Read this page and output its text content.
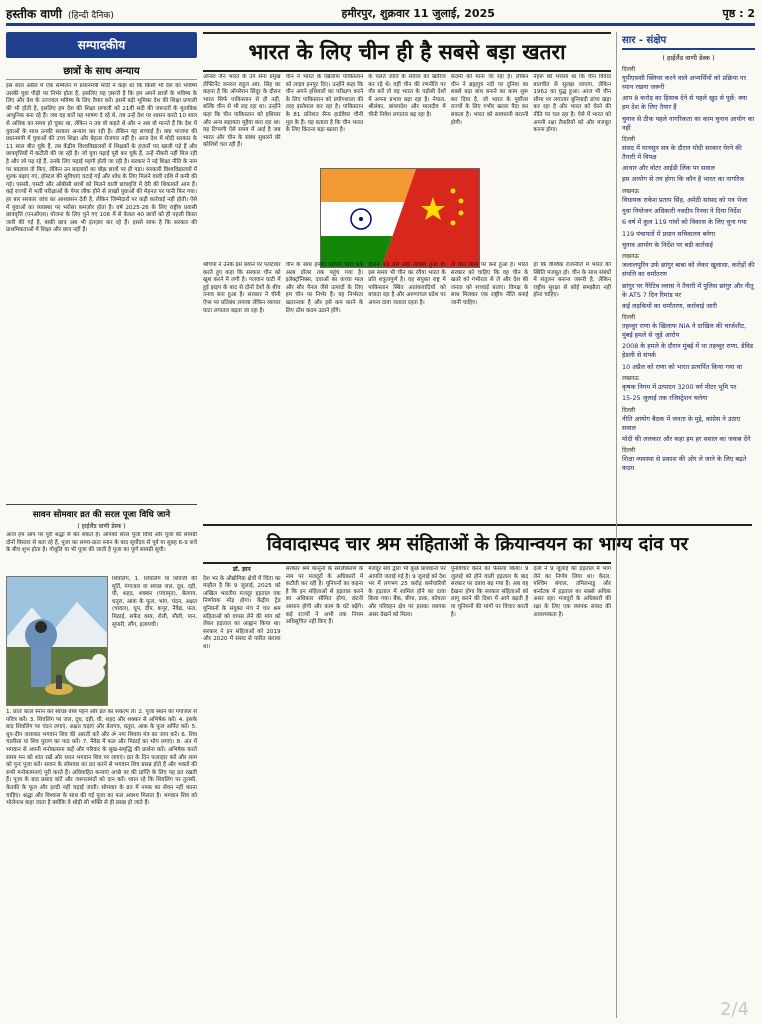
हस्तीक वाणी (हिन्दी दैनिक)	हमीरपुर, शुक्रवार 11 जुलाई, 2025	पृष्ठ : 2
सम्पादकीय
छात्रों के साथ अन्याय
इस साल अप्रैल में एक सम्मेलन में प्रधानमंत्री मोदी ने कहा था कि किसी भी देश का भविष्य उसकी युवा पीढ़ी पर निर्भर होता है, इसलिए यह ज़रूरी है कि हम अपने छात्रों के भविष्य के लिए और देश के उज्ज्वल भविष्य के लिए तैयार करें। इसमें बड़ी भूमिका देश की शिक्षा प्रणाली की भी होती है, इसलिए हम देश की शिक्षा प्रणाली को 21वीं सदी की जरूरतों के मुताबिक आधुनिक बना रहे हैं। जब वह बातें यह भाषण दे रहे थे, तब उन्हें देश पर शासन करते 10 साल से अधिक का समय हो चुका था, लेकिन न तब वो कहते थे और न अब वो मानते हैं कि देश में युवाओं के साथ उनकी सरकार अन्याय कर रही है। लेकिन यह सच्चाई है। क्या भाजपा की प्रधानमंत्री में युवाओं की उच्च शिक्षा और बेहतर रोजगार नहीं है। आज देश में मोदी सरकार के 11 साल बीत चुके हैं, तब केंद्रीय विश्वविद्यालयों में शिक्षकों के हज़ारों पद खाली पड़े हैं और छात्रवृत्तियों में कटौती की जा रही है। जो युवा पढ़ाई पूरी कर चुके हैं, उन्हें नौकरी नहीं मिल रही है और जो पढ़ रहे हैं, उनके लिए पढ़ाई महंगी होती जा रही है। सरकार ने नई शिक्षा नीति के नाम पर बदलाव तो किए, लेकिन उन बदलावों का बोझ छात्रों पर ही पड़ा। सरकारी विश्वविद्यालयों में शुल्क बढ़ाए गए, हॉस्टल की सुविधाएं घटाई गईं और शोध के लिए मिलने वाली राशि में कमी की गई। एससी, एसटी और ओबीसी छात्रों को मिलने वाली छात्रवृत्ति में देरी की शिकायतें आम हैं। कई राज्यों में भर्ती परीक्षाओं के पेपर लीक होने से लाखों युवाओं की मेहनत पर पानी फिर गया। हर बार सरकार जांच का आश्वासन देती है, लेकिन जिम्मेदारों पर कड़ी कार्रवाई नहीं होती। ऐसे में युवाओं का व्यवस्था पर भरोसा कमज़ोर होता है। वर्ष 2025-26 के लिए राष्ट्रीय प्रवासी छात्रवृत्ति (एनओएस) योजना के लिए चुने गए 106 में से केवल 40 छात्रों को ही पहली किस्त जारी की गई है, बाकी छात्र अब भी इंतज़ार कर रहे हैं। इससे साफ है कि सरकार की प्राथमिकताओं में शिक्षा और छात्र नहीं हैं।
सावन सोमवार व्रत की सरल पूजा विधि जाने
( हाईलैंड वाणी डेस्क )
आज हम आप पर पूरी श्रद्धा से कर सकते हैं। आपको सरल पूजा विधि और पूजा की सामग्री दोनों विस्तार से बता रहे हैं, पूजा का समय-प्रातः स्नान के बाद सूर्योदय से पूर्व या सुबह 6-9 बजे के बीच शुभ होता है। गोधूलि या भी पूजा की जाती है पूजा का पूर्ण सामग्री सूची।
शिवलिंग, 1. शिवलिंग या शिवजी की मूर्ति, गंगाजल या स्वच्छ जल, दूध, दही, घी, शहद, शक्कर (पंचामृत), बेलपत्र, धतूरा, आक के फूल, भांग, चंदन, अक्षत (चावल), धूप, दीप, कपूर, नैवेद्य, फल, मिठाई, सफेद वस्त्र, रोली, मौली, पान, सुपारी, लौंग, इलायची।
1. प्रातः काल स्नान कर स्वच्छ वस्त्र पहनें और व्रत का संकल्प लें। 2. पूजा स्थान को गंगाजल से पवित्र करें। 3. शिवलिंग पर जल, दूध, दही, घी, शहद और शक्कर से अभिषेक करें। 4. इसके बाद शिवलिंग पर चंदन लगाएं, अक्षत चढ़ाएं और बेलपत्र, धतूरा, आक के फूल अर्पित करें। 5. धूप-दीप जलाकर भगवान शिव की आरती करें और ॐ नमः शिवाय मंत्र का जाप करें। 6. शिव चालीसा या शिव पुराण का पाठ करें। 7. नैवेद्य में फल और मिठाई का भोग लगाएं। 8. अंत में भगवान से अपनी मनोकामना कहें और परिवार के सुख-समृद्धि की प्रार्थना करें। अभिषेक करते समय मन को शांत रखें और ध्यान भगवान शिव पर लगाएं। व्रत के दिन फलाहार करें और शाम को पुनः पूजा करें। सावन के सोमवार का व्रत करने से भगवान शिव प्रसन्न होते हैं और भक्तों की सभी मनोकामनाएं पूरी करते हैं। अविवाहित कन्याएं अच्छे वर की प्राप्ति के लिए यह व्रत रखती हैं। पूजा के बाद प्रसाद बांटें और जरूरतमंदों को दान करें। ध्यान रहे कि शिवलिंग पर तुलसी, केतकी के फूल और हल्दी नहीं चढ़ाई जाती। सोमवार के व्रत में नमक का सेवन नहीं करना चाहिए। श्रद्धा और विश्वास के साथ की गई पूजा का फल अवश्य मिलता है। भगवान शिव को भोलेनाथ कहा जाता है क्योंकि वे थोड़ी सी भक्ति से ही प्रसन्न हो जाते हैं।
भारत के लिए चीन ही है सबसे बड़ा खतरा
अनिल जैन भारत के उप सेना प्रमुख लेफ्टिनेंट जनरल राहुल आर. सिंह का कहना है कि ऑपरेशन सिंदूर के दौरान भारत सिर्फ पाकिस्तान से ही नहीं, बल्कि चीन से भी लड़ रहा था। उन्होंने कहा कि चीन पाकिस्तान को हथियार और अन्य सहायता मुहैया करा रहा था। यह टिप्पणी ऐसे समय में आई है जब भारत और चीन के संबंध सुधारने की कोशिशें चल रही हैं।
चीन ने भारत के खिलाफ पाकिस्तान को लाइव इनपुट दिए। उन्होंने कहा कि चीन अपने हथियारों का परीक्षण करने के लिए पाकिस्तान को प्रयोगशाला की तरह इस्तेमाल कर रहा है। पाकिस्तान के 81 प्रतिशत सैन्य हार्डवेयर चीनी मूल के हैं। यह बताता है कि चीन भारत के लिए कितना बड़ा खतरा है।
के चलते जाति के सवाल को खारिज कर रहे थे। वहीं चीन की रणनीति पर गौर करें तो वह भारत के पड़ोसी देशों में अपना प्रभाव बढ़ा रहा है। नेपाल, श्रीलंका, बांग्लादेश और मालदीव में चीनी निवेश लगातार बढ़ रहा है।
कदमों को माना जा रहा है। लेकिन चीन ने ब्रह्मपुत्र नदी पर दुनिया का सबसे बड़ा बांध बनाने का काम शुरू कर दिया है, जो भारत के पूर्वोत्तर राज्यों के लिए गंभीर खतरा पैदा कर सकता है। भारत को सावधानी बरतनी होगी।
नेहरू को भरोसा था कि चीन विवाद बातचीत से सुलझ जाएगा, लेकिन 1962 का युद्ध हुआ। आज भी चीन सीमा पर लगातार बुनियादी ढांचा खड़ा कर रहा है और भारत को घेरने की नीति पर चल रहा है। ऐसे में भारत को अपनी रक्षा तैयारियों को और मजबूत करना होगा।
श्रीचंपा ने उनके इस बयान पर पलटवार करते हुए कहा कि सरकार चीन को खुश करने में लगी है। गलवान घाटी में हुई झड़प के बाद से दोनों देशों के बीच तनाव बना हुआ है। सरकार ने चीनी ऐप्स पर प्रतिबंध लगाया लेकिन व्यापार घाटा लगातार बढ़ता जा रहा है।
चीन के साथ हमारा व्यापार घाटा 99 अरब डॉलर तक पहुंच गया है। इलेक्ट्रॉनिक्स, दवाओं का कच्चा माल और सौर पैनल जैसे उत्पादों के लिए हम चीन पर निर्भर हैं। यह निर्भरता खतरनाक है और इसे कम करने के लिए ठोस कदम उठाने होंगे।
दौरान कई बार सही साबित हुआ है। इस समय भी चीन का रवैया भारत के प्रति शत्रुतापूर्ण है। वह संयुक्त राष्ट्र में पाकिस्तान स्थित आतंकवादियों को बचाता रहा है और अरुणाचल प्रदेश पर अपना दावा जताता रहता है।
तो चीन सीमा पर बना हुआ है। भारत सरकार को चाहिए कि वह चीन के खतरे को गंभीरता से ले और देश की जनता को सच्चाई बताए। विपक्ष के साथ मिलकर एक राष्ट्रीय नीति बनाई जानी चाहिए।
हो कि वैश्विक राजनीति में भारत की स्थिति मजबूत हो। चीन के साथ संबंधों में संतुलन बनाना जरूरी है, लेकिन राष्ट्रीय सुरक्षा से कोई समझौता नहीं होना चाहिए।
विवादास्पद चार श्रम संहिताओं के क्रियान्वयन का भाग्य दांव पर
डॉ. ज्ञान
देश भर के औद्योगिक क्षेत्रों में चिंता का माहौल है कि 9 जुलाई, 2025 को अखिल भारतीय मजदूर हड़ताल एक निर्णायक मोड़ होगा। केंद्रीय ट्रेड यूनियनों के संयुक्त मंच ने चार श्रम संहिताओं को वापस लेने की मांग को लेकर हड़ताल का आह्वान किया था। सरकार ने इन संहिताओं को 2019 और 2020 में संसद से पारित कराया था।
सरकार श्रम कानूनों के सरलीकरण के नाम पर मजदूरों के अधिकारों में कटौती कर रही है। यूनियनों का कहना है कि इन संहिताओं से हड़ताल करने का अधिकार सीमित होगा, छंटनी आसान होगी और काम के घंटे बढ़ेंगे। कई राज्यों ने अभी तक नियम अधिसूचित नहीं किए हैं।
मजदूर संघ द्वारा भी कुछ प्रावधानों पर आपत्ति जताई गई है। 9 जुलाई को देश भर में लगभग 25 करोड़ कर्मचारियों के हड़ताल में शामिल होने का दावा किया गया। बैंक, बीमा, डाक, कोयला और परिवहन क्षेत्र पर इसका व्यापक असर देखने को मिला।
पुनर्विचार करने का फैसला किया। 9 जुलाई को होने वाली हड़ताल के बाद सरकार पर दबाव बढ़ गया है। अब यह देखना होगा कि सरकार संहिताओं को लागू करने की दिशा में आगे बढ़ती है या यूनियनों की मांगों पर विचार करती है।
दलों ने 9 जुलाई को हड़ताल में भाग लेने का निर्णय लिया था। केरल, पश्चिम बंगाल, तमिलनाडु और कर्नाटक में हड़ताल का सबसे अधिक असर रहा। मजदूरों के अधिकारों की रक्षा के लिए एक व्यापक संवाद की आवश्यकता है।
सार - संक्षेप
( हाईलैंड वाणी डेस्क )
दिल्ली
यूपीएससी क्लियर करने वाले अभ्यर्थियों को प्रक्रिया पर ध्यान रखना जरूरी
आप 8 करोड़ का हिसाब देने से पहले खुद से पूछें: क्या हम देश के लिए तैयार हैं
चुनाव से ठीक पहले नागरिकता का काम चुनाव आयोग का नहीं
दिल्ली
संसद में मानसून सत्र के दौरान मोदी सरकार घेरने की तैयारी में विपक्ष
आधार और वोटर आईडी लिंक पर सवाल
इस आयोग से तय होगा कि कौन है भारत का नागरिक
लखनऊ
विधायक राकेश प्रताप सिंह, अमेठी सांसद को पत्र भेजा
युवा नियोजन अधिकारी नवदीप रिनवा ने दिया निर्देश
6 वर्ष में कुल 119 गांवों को विकास के लिए चुना गया
119 पंचायतों में प्रधान सचिवालय बनेगा
चुनाव आयोग के निर्देश पर बड़ी कार्रवाई
लखनऊ
जलालपुरिन उर्फ छांगुर बाबा को लेकर खुलासा, करोड़ों की संपत्ति का धर्मांतरण
छांगुर पर नैरेटिव ल्लास ने तैयारी में पुलिस छांगुर और नीतू के ATS 7 दिन रिमांड पर
कई लड़कियों का धर्मांतरण, कार्रवाई जारी
दिल्ली
तहव्वुर राणा के खिलाफ NIA ने दाखिल की चार्जशीट, मुंबई हमले से जुड़े आरोप
2008 के हमले के दौरान मुंबई में था तहव्वुर राणा, डेविड हेडली से संपर्क
10 अप्रैल को राणा को भारत प्रत्यर्पित किया गया था
लखनऊ
कृषक निगम में उत्पादन 3200 वर्ग मीटर भूमि पर
15-25 जुलाई तक रजिस्ट्रेशन चलेगा
दिल्ली
नीति आयोग बैठक में जनता के मुद्दे, कांग्रेस ने उठाए सवाल
मोदी की ललकार और कहा हम हर सवाल का जवाब देंगे
दिल्ली
शिक्षा व्यवस्था से प्रकाश की ओर ले जाने के लिए बढ़ते कदम
2/4
